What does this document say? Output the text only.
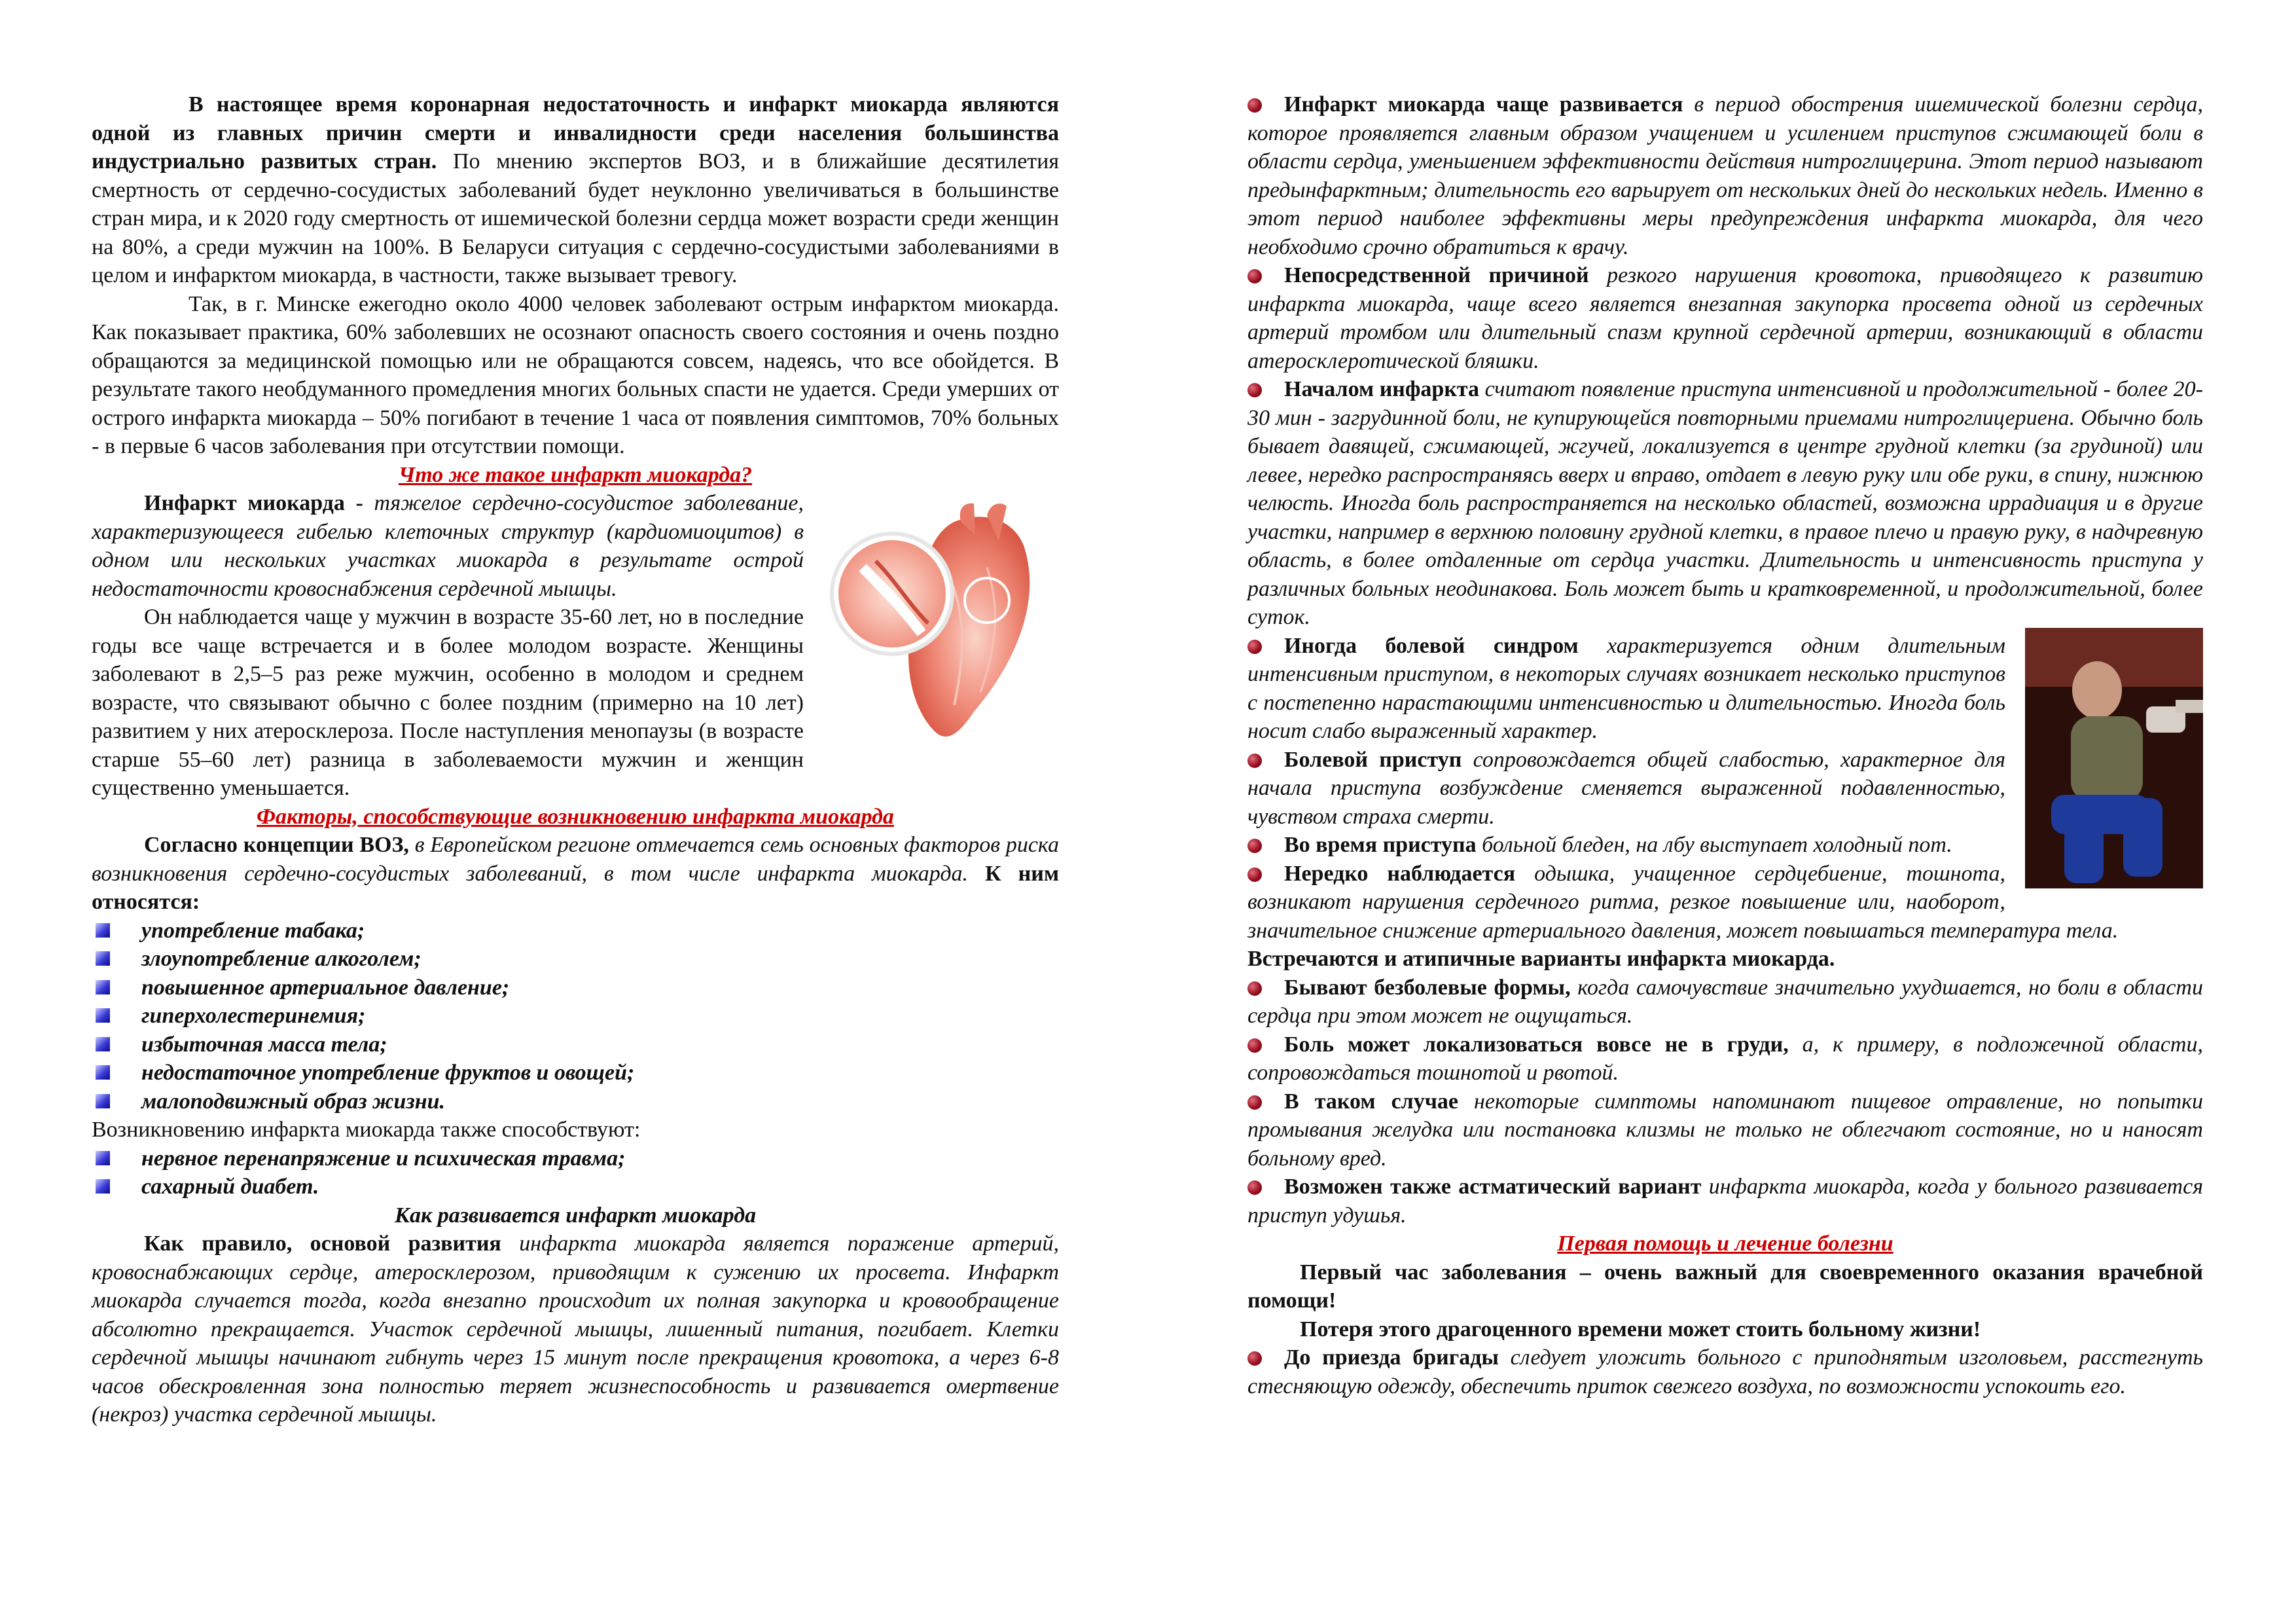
В настоящее время коронарная недостаточность и инфаркт миокарда являются одной из главных причин смерти и инвалидности среди населения большинства индустриально развитых стран. По мнению экспертов ВОЗ, и в ближайшие десятилетия смертность от сердечно-сосудистых заболеваний будет неуклонно увеличиваться в большинстве стран мира, и к 2020 году смертность от ишемической болезни сердца может возрасти среди женщин на 80%, а среди мужчин на 100%. В Беларуси ситуация с сердечно-сосудистыми заболеваниями в целом и инфарктом миокарда, в частности, также вызывает тревогу.

Так, в г. Минске ежегодно около 4000 человек заболевают острым инфарктом миокарда. Как показывает практика, 60% заболевших не осознают опасность своего состояния и очень поздно обращаются за медицинской помощью или не обращаются совсем, надеясь, что все обойдется. В результате такого необдуманного промедления многих больных спасти не удается. Среди умерших от острого инфаркта миокарда – 50% погибают в течение 1 часа от появления симптомов, 70% больных - в первые 6 часов заболевания при отсутствии помощи.

Что же такое инфаркт миокарда?

Инфаркт миокарда - тяжелое сердечно-сосудистое заболевание, характеризующееся гибелью клеточных структур (кардиомиоцитов) в одном или нескольких участках миокарда в результате острой недостаточности кровоснабжения сердечной мышцы.

Он наблюдается чаще у мужчин в возрасте 35-60 лет, но в последние годы все чаще встречается и в более молодом возрасте. Женщины заболевают в 2,5–5 раз реже мужчин, особенно в молодом и среднем возрасте, что связывают обычно с более поздним (примерно на 10 лет) развитием у них атеросклероза. После наступления менопаузы (в возрасте старше 55–60 лет) разница в заболеваемости мужчин и женщин существенно уменьшается.

Факторы, способствующие возникновению инфаркта миокарда

Согласно концепции ВОЗ, в Европейском регионе отмечается семь основных факторов риска возникновения сердечно-сосудистых заболеваний, в том числе инфаркта миокарда. К ним относятся:

употребление табака;
злоупотребление алкоголем;
повышенное артериальное давление;
гиперхолестеринемия;
избыточная масса тела;
недостаточное употребление фруктов и овощей;
малоподвижный образ жизни.

Возникновению инфаркта миокарда также способствуют:

нервное перенапряжение и психическая травма;
сахарный диабет.

Как развивается инфаркт миокарда

Как правило, основой развития инфаркта миокарда является поражение артерий, кровоснабжающих сердце, атеросклерозом, приводящим к сужению их просвета. Инфаркт миокарда случается тогда, когда внезапно происходит их полная закупорка и кровообращение абсолютно прекращается. Участок сердечной мышцы, лишенный питания, погибает. Клетки сердечной мышцы начинают гибнуть через 15 минут после прекращения кровотока, а через 6-8 часов обескровленная зона полностью теряет жизнеспособность и развивается омертвение (некроз) участка сердечной мышцы.

Инфаркт миокарда чаще развивается в период обострения ишемической болезни сердца, которое проявляется главным образом учащением и усилением приступов сжимающей боли в области сердца, уменьшением эффективности действия нитроглицерина. Этот период называют предынфарктным; длительность его варьирует от нескольких дней до нескольких недель. Именно в этот период наиболее эффективны меры предупреждения инфаркта миокарда, для чего необходимо срочно обратиться к врачу.

Непосредственной причиной резкого нарушения кровотока, приводящего к развитию инфаркта миокарда, чаще всего является внезапная закупорка просвета одной из сердечных артерий тромбом или длительный спазм крупной сердечной артерии, возникающий в области атеросклеротической бляшки.

Началом инфаркта считают появление приступа интенсивной и продолжительной - более 20-30 мин - загрудинной боли, не купирующейся повторными приемами нитроглицериена. Обычно боль бывает давящей, сжимающей, жгучей, локализуется в центре грудной клетки (за грудиной) или левее, нередко распространяясь вверх и вправо, отдает в левую руку или обе руки, в спину, нижнюю челюсть. Иногда боль распространяется на несколько областей, возможна иррадиация и в другие участки, например в верхнюю половину грудной клетки, в правое плечо и правую руку, в надчревную область, в более отдаленные от сердца участки. Длительность и интенсивность приступа у различных больных неодинакова. Боль может быть и кратковременной, и продолжительной, более суток.

Иногда болевой синдром характеризуется одним длительным интенсивным приступом, в некоторых случаях возникает несколько приступов с постепенно нарастающими интенсивностью и длительностью. Иногда боль носит слабо выраженный характер.

Болевой приступ сопровождается общей слабостью, характерное для начала приступа возбуждение сменяется выраженной подавленностью, чувством страха смерти.

Во время приступа больной бледен, на лбу выступает холодный пот.

Нередко наблюдается одышка, учащенное сердцебиение, тошнота, возникают нарушения сердечного ритма, резкое повышение или, наоборот, значительное снижение артериального давления, может повышаться температура тела.

Встречаются и атипичные варианты инфаркта миокарда.

Бывают безболевые формы, когда самочувствие значительно ухудшается, но боли в области сердца при этом может не ощущаться.

Боль может локализоваться вовсе не в груди, а, к примеру, в подложечной области, сопровождаться тошнотой и рвотой.

В таком случае некоторые симптомы напоминают пищевое отравление, но попытки промывания желудка или постановка клизмы не только не облегчают состояние, но и наносят больному вред.

Возможен также астматический вариант инфаркта миокарда, когда у больного развивается приступ удушья.

Первая помощь и лечение болезни

Первый час заболевания – очень важный для своевременного оказания врачебной помощи!

Потеря этого драгоценного времени может стоить больному жизни!

До приезда бригады следует уложить больного с приподнятым изголовьем, расстегнуть стесняющую одежду, обеспечить приток свежего воздуха, по возможности успокоить его.
